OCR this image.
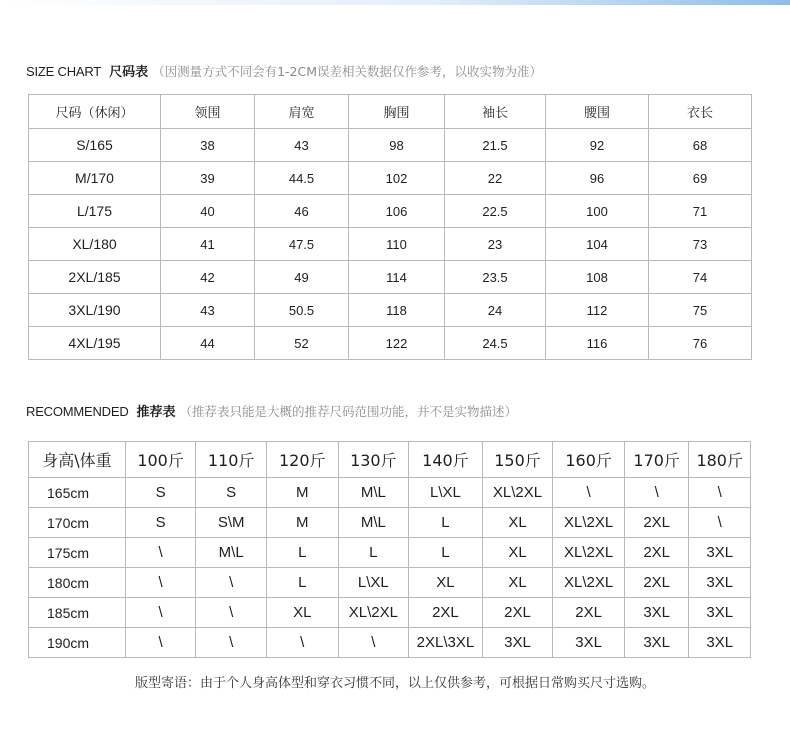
SIZE CHART 尺码表 （因测量方式不同会有1-2CM误差相关数据仅作参考，以收实物为准）
尺码（休闲）	领围	肩宽	胸围	袖长	腰围	衣长
S/165	38	43	98	21.5	92	68
M/170	39	44.5	102	22	96	69
L/175	40	46	106	22.5	100	71
XL/180	41	47.5	110	23	104	73
2XL/185	42	49	114	23.5	108	74
3XL/190	43	50.5	118	24	112	75
4XL/195	44	52	122	24.5	116	76
RECOMMENDED 推荐表 （推荐表只能是大概的推荐尺码范围功能，并不是实物描述）
身高\体重	100斤	110斤	120斤	130斤	140斤	150斤	160斤	170斤	180斤
165cm	S	S	M	M\L	L\XL	XL\2XL	\	\	\
170cm	S	S\M	M	M\L	L	XL	XL\2XL	2XL	\
175cm	\	M\L	L	L	L	XL	XL\2XL	2XL	3XL
180cm	\	\	L	L\XL	XL	XL	XL\2XL	2XL	3XL
185cm	\	\	XL	XL\2XL	2XL	2XL	2XL	3XL	3XL
190cm	\	\	\	\	2XL\3XL	3XL	3XL	3XL	3XL
版型寄语：由于个人身高体型和穿衣习惯不同，以上仅供参考，可根据日常购买尺寸选购。
